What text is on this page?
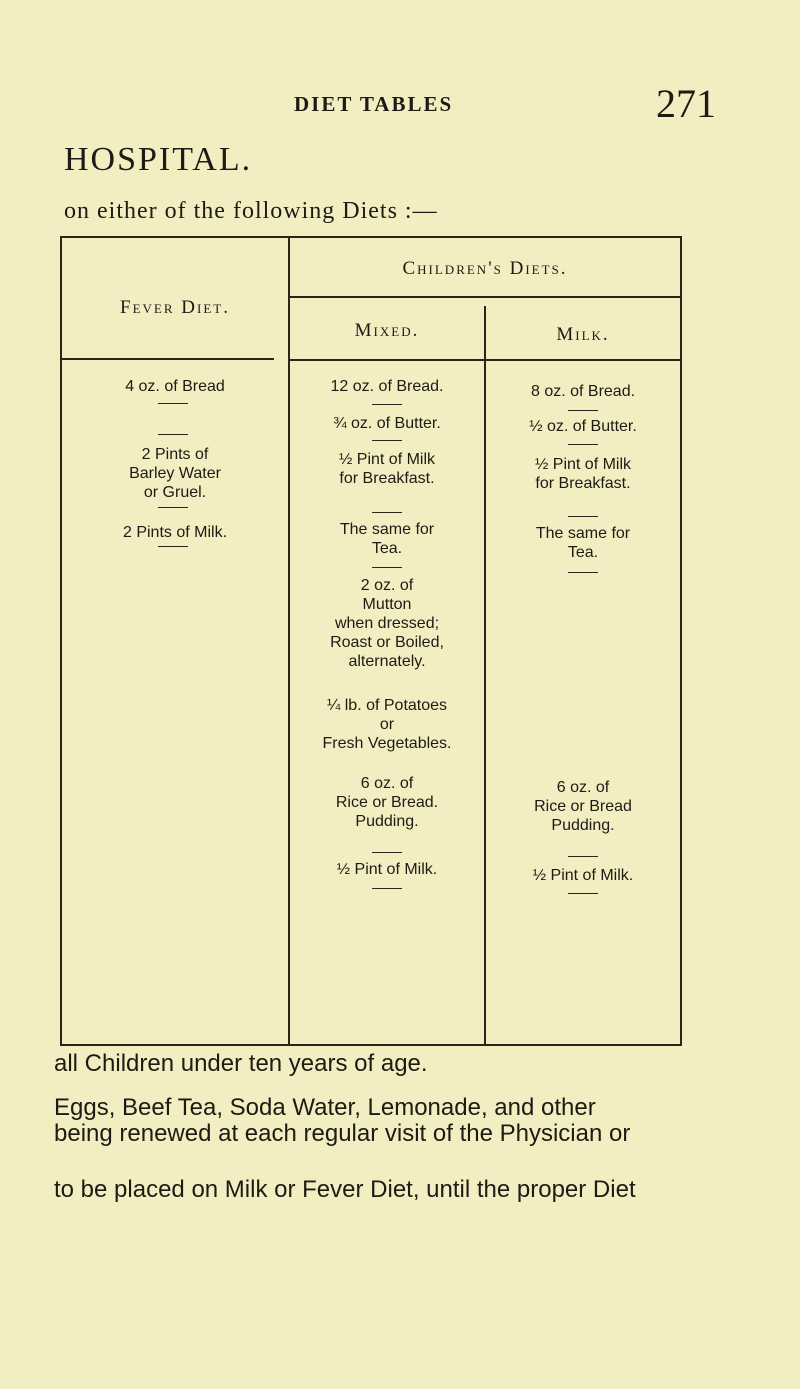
DIET TABLES	271
HOSPITAL.
on either of the following Diets :—
Fever Diet.
Children's Diets.
Mixed.	Milk.
4 oz. of Bread
2 Pints of
Barley Water
or Gruel.
2 Pints of Milk.
12 oz. of Bread.
¾ oz. of Butter.
½ Pint of Milk
for Breakfast.
The same for
Tea.
2 oz. of
Mutton
when dressed;
Roast or Boiled,
alternately.
¼ lb. of Potatoes
or
Fresh Vegetables.
6 oz. of
Rice or Bread.
Pudding.
½ Pint of Milk.
8 oz. of Bread.
½ oz. of Butter.
½ Pint of Milk
for Breakfast.
The same for
Tea.
6 oz. of
Rice or Bread
Pudding.
½ Pint of Milk.
all Children under ten years of age.
Eggs, Beef Tea, Soda Water, Lemonade, and other
being renewed at each regular visit of the Physician or
to be placed on Milk or Fever Diet, until the proper Diet
